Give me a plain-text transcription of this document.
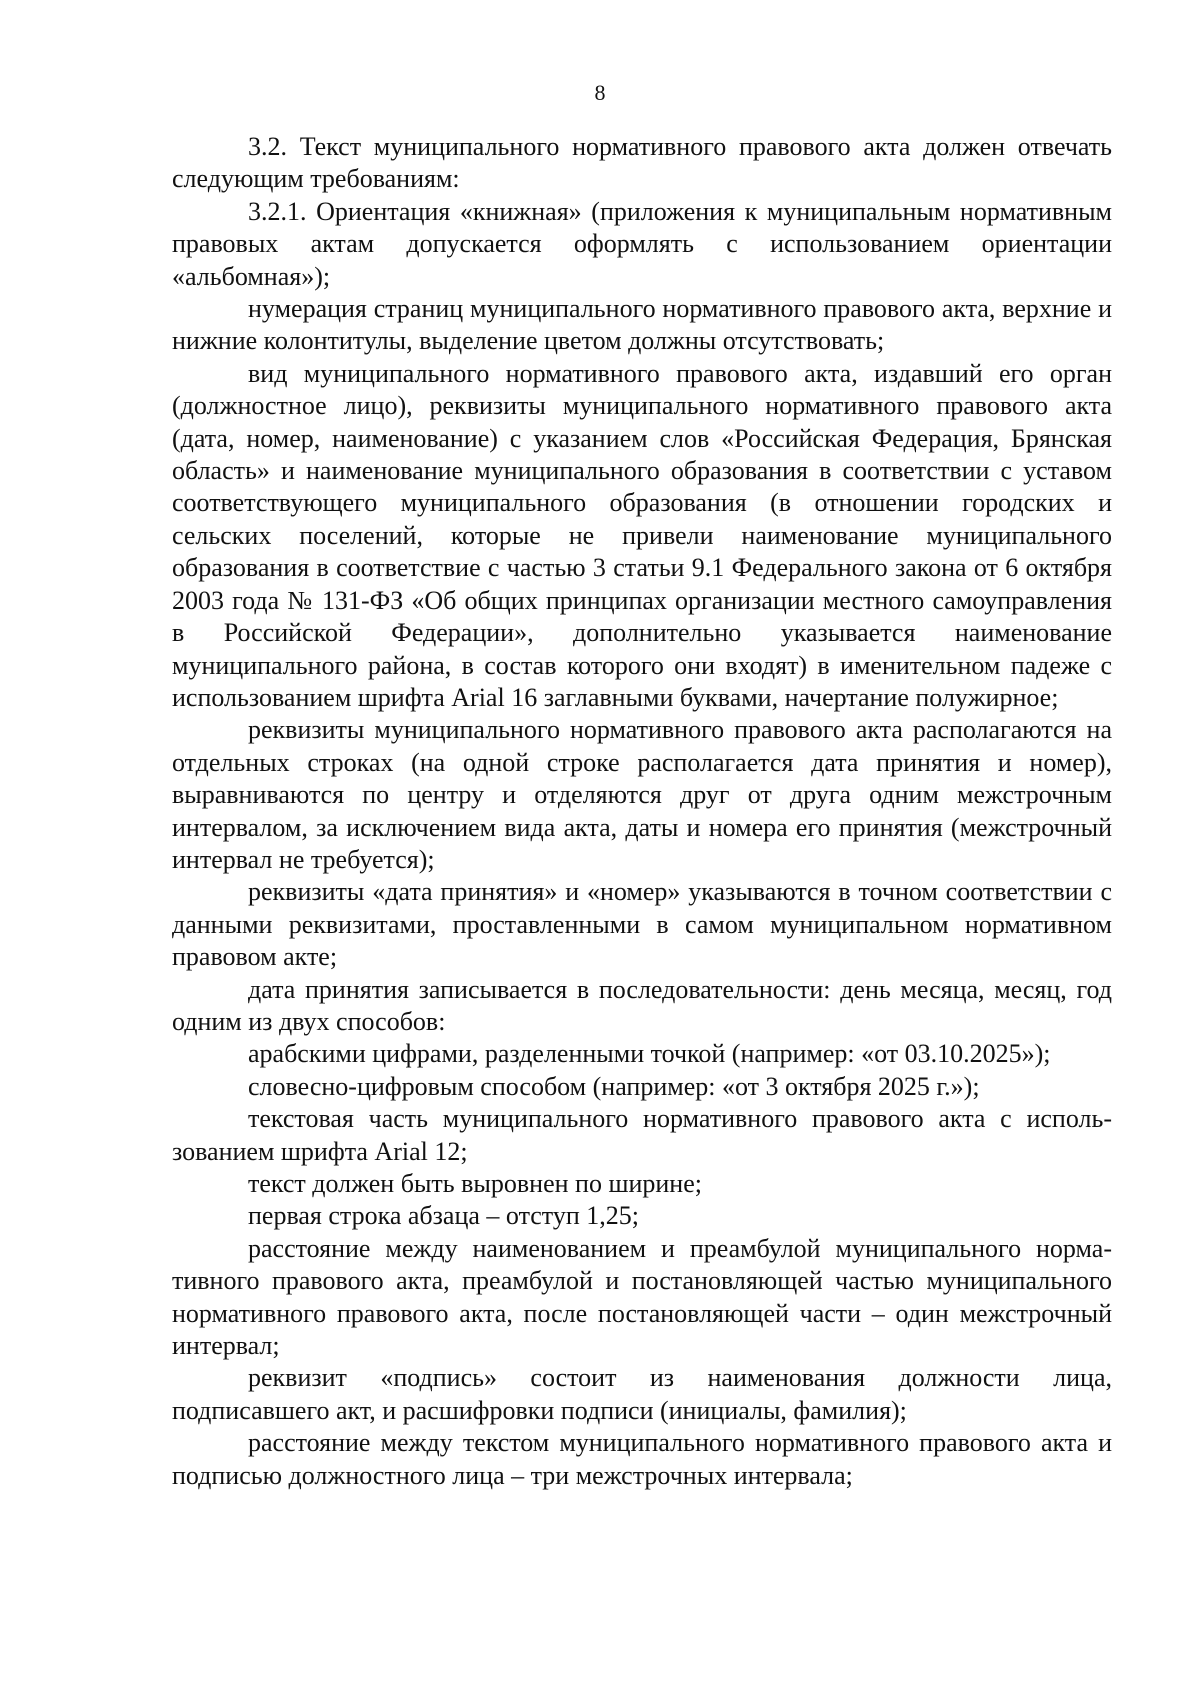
8

3.2. Текст муниципального нормативного правового акта должен отвечать следующим требованиям:

3.2.1. Ориентация «книжная» (приложения к муниципальным нормативным правовых актам допускается оформлять с использованием ориентации «альбомная»);

нумерация страниц муниципального нормативного правового акта, верхние и нижние колонтитулы, выделение цветом должны отсутствовать;

вид муниципального нормативного правового акта, издавший его орган (должностное лицо), реквизиты муниципального нормативного правового акта (дата, номер, наименование) с указанием слов «Российская Федерация, Брянская область» и наименование муниципального образования в соответствии с уставом соответствующего муниципального образования (в отношении городских и сельских поселений, которые не привели наименование муниципального образования в соответствие с частью 3 статьи 9.1 Федерального закона от 6 октября 2003 года № 131-ФЗ «Об общих принципах организации местного самоуправления в Российской Федерации», дополнительно указывается наименование муниципального района, в состав которого они входят) в именительном падеже с использованием шрифта Arial 16 заглавными буквами, начертание полужирное;

реквизиты муниципального нормативного правового акта располагаются на отдельных строках (на одной строке располагается дата принятия и номер), выравниваются по центру и отделяются друг от друга одним межстрочным интервалом, за исключением вида акта, даты и номера его принятия (межстрочный интервал не требуется);

реквизиты «дата принятия» и «номер» указываются в точном соответствии с данными реквизитами, проставленными в самом муниципальном нормативном правовом акте;

дата принятия записывается в последовательности: день месяца, месяц, год одним из двух способов:

арабскими цифрами, разделенными точкой (например: «от 03.10.2025»);

словесно-цифровым способом (например: «от 3 октября 2025 г.»);

текстовая часть муниципального нормативного правового акта с использованием шрифта Arial 12;

текст должен быть выровнен по ширине;

первая строка абзаца – отступ 1,25;

расстояние между наименованием и преамбулой муниципального нормативного правового акта, преамбулой и постановляющей частью муниципального нормативного правового акта, после постановляющей части – один межстрочный интервал;

реквизит «подпись» состоит из наименования должности лица, подписавшего акт, и расшифровки подписи (инициалы, фамилия);

расстояние между текстом муниципального нормативного правового акта и подписью должностного лица – три межстрочных интервала;
